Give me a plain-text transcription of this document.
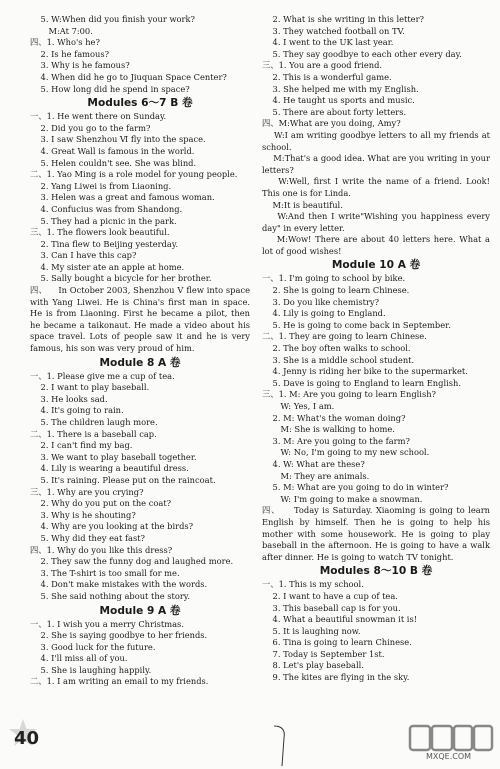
5. W:When did you finish your work?
M:At 7:00.
四、1. Who's he?
2. Is he famous?
3. Why is he famous?
4. When did he go to Jiuquan Space Center?
5. How long did he spend in space?
Modules 6～7 B 卷
一、1. He went there on Sunday.
2. Did you go to the farm?
3. I saw Shenzhou Ⅵ fly into the space.
4. Great Wall is famous in the world.
5. Helen couldn't see. She was blind.
二、1. Yao Ming is a role model for young people.
2. Yang Liwei is from Liaoning.
3. Helen was a great and famous woman.
4. Confucius was from Shandong.
5. They had a picnic in the park.
三、1. The flowers look beautiful.
2. Tina flew to Beijing yesterday.
3. Can I have this cap?
4. My sister ate an apple at home.
5. Sally bought a bicycle for her brother.
四、    In October 2003, Shenzhou Ⅴ flew into space with Yang Liwei. He is China's first man in space. He is from Liaoning. First he became a pilot, then he became a taikonaut. He made a video about his space travel. Lots of people saw it and he is very famous, his son was very proud of him.
Module 8 A 卷
一、1. Please give me a cup of tea.
2. I want to play baseball.
3. He looks sad.
4. It's going to rain.
5. The children laugh more.
二、1. There is a baseball cap.
2. I can't find my bag.
3. We want to play baseball together.
4. Lily is wearing a beautiful dress.
5. It's raining. Please put on the raincoat.
三、1. Why are you crying?
2. Why do you put on the coat?
3. Why is he shouting?
4. Why are you looking at the birds?
5. Why did they eat fast?
四、1. Why do you like this dress?
2. They saw the funny dog and laughed more.
3. The T-shirt is too small for me.
4. Don't make mistakes with the words.
5. She said nothing about the story.
Module 9 A 卷
一、1. I wish you a merry Christmas.
2. She is saying goodbye to her friends.
3. Good luck for the future.
4. I'll miss all of you.
5. She is laughing happily.
二、1. I am writing an email to my friends.
2. What is she writing in this letter?
3. They watched football on TV.
4. I went to the UK last year.
5. They say goodbye to each other every day.
三、1. You are a good friend.
2. This is a wonderful game.
3. She helped me with my English.
4. He taught us sports and music.
5. There are about forty letters.
四、M:What are you doing, Amy?
W:I am writing goodbye letters to all my friends at school.
M:That's a good idea. What are you writing in your letters?
W:Well, first I write the name of a friend. Look! This one is for Linda.
M:It is beautiful.
W:And then I write"Wishing you happiness every day" in every letter.
M:Wow! There are about 40 letters here. What a lot of good wishes!
Module 10 A 卷
一、1. I'm going to school by bike.
2. She is going to learn Chinese.
3. Do you like chemistry?
4. Lily is going to England.
5. He is going to come back in September.
二、1. They are going to learn Chinese.
2. The boy often walks to school.
3. She is a middle school student.
4. Jenny is riding her bike to the supermarket.
5. Dave is going to England to learn English.
三、1. M: Are you going to learn English?
W: Yes, I am.
2. M: What's the woman doing?
M: She is walking to home.
3. M: Are you going to the farm?
W: No, I'm going to my new school.
4. W: What are these?
M: They are animals.
5. M: What are you going to do in winter?
W: I'm going to make a snowman.
四、    Today is Saturday. Xiaoming is going to learn English by himself. Then he is going to help his mother with some housework. He is going to play baseball in the afternoon. He is going to have a walk after dinner. He is going to watch TV tonight.
Modules 8～10 B 卷
一、1. This is my school.
2. I want to have a cup of tea.
3. This baseball cap is for you.
4. What a beautiful snowman it is!
5. It is laughing now.
6. Tina is going to learn Chinese.
7. Today is September 1st.
8. Let's play baseball.
9. The kites are flying in the sky.
40
MXQE.COM
